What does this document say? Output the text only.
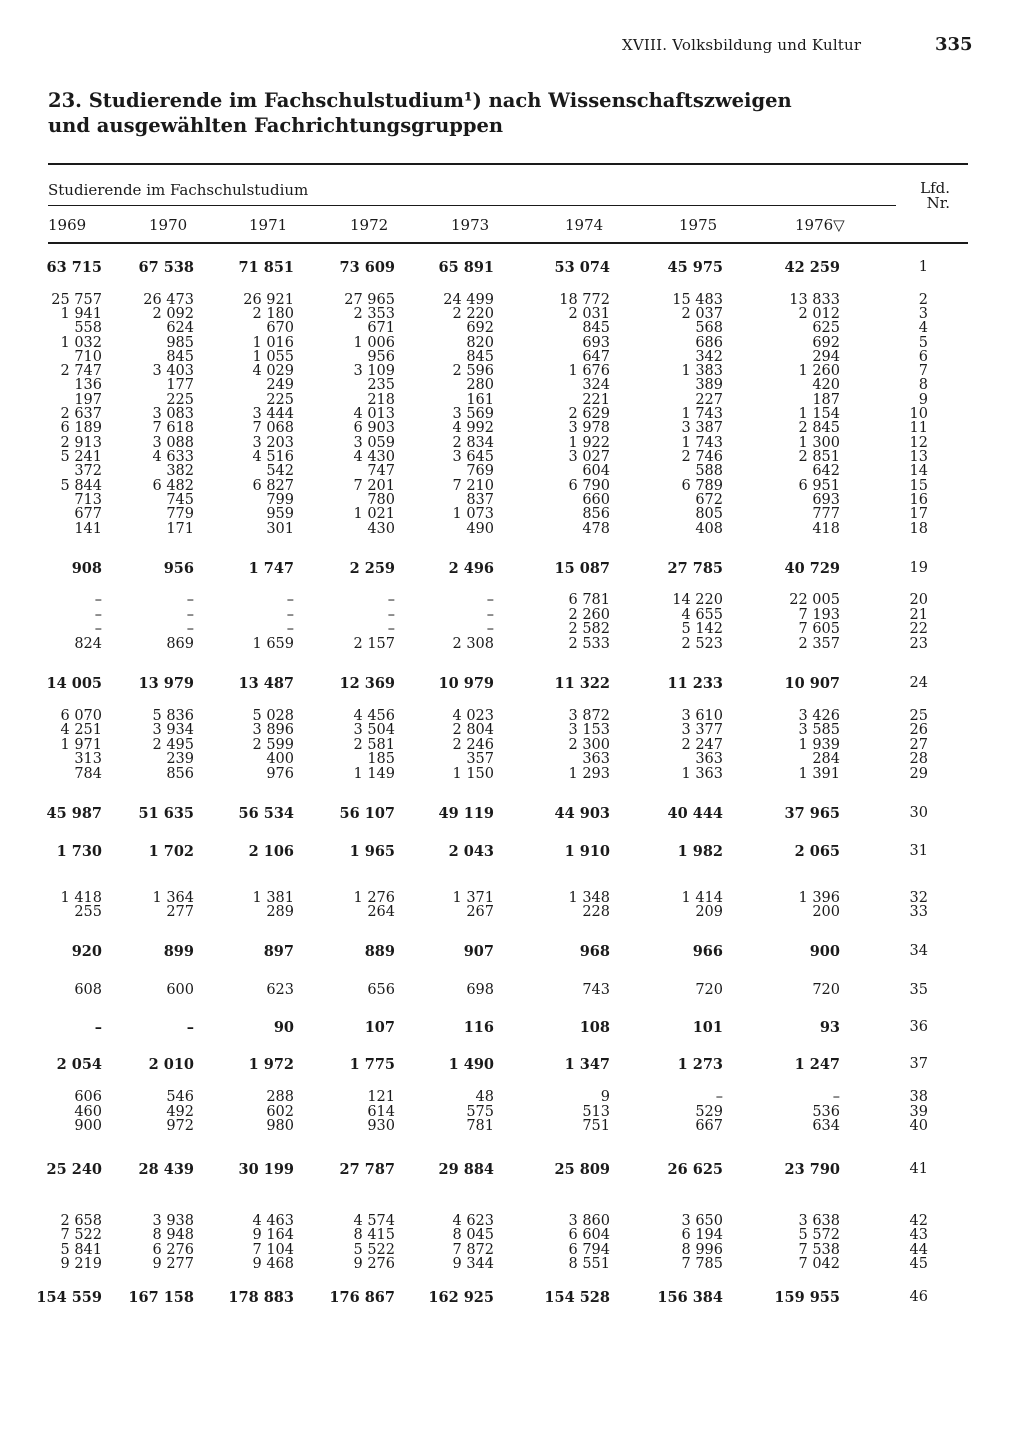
XVIII. Volksbildung und Kultur	335
23. Studierende im Fachschulstudium¹) nach Wissenschaftszweigen
und ausgewählten Fachrichtungsgruppen
Studierende im Fachschulstudium	Lfd.
Nr.
1969	1970	1971	1972	1973	1974	1975	1976▽
63 715	67 538	71 851	73 609	65 891	53 074	45 975	42 259	1
25 757	26 473	26 921	27 965	24 499	18 772	15 483	13 833	2
1 941	2 092	2 180	2 353	2 220	2 031	2 037	2 012	3
558	624	670	671	692	845	568	625	4
1 032	985	1 016	1 006	820	693	686	692	5
710	845	1 055	956	845	647	342	294	6
2 747	3 403	4 029	3 109	2 596	1 676	1 383	1 260	7
136	177	249	235	280	324	389	420	8
197	225	225	218	161	221	227	187	9
2 637	3 083	3 444	4 013	3 569	2 629	1 743	1 154	10
6 189	7 618	7 068	6 903	4 992	3 978	3 387	2 845	11
2 913	3 088	3 203	3 059	2 834	1 922	1 743	1 300	12
5 241	4 633	4 516	4 430	3 645	3 027	2 746	2 851	13
372	382	542	747	769	604	588	642	14
5 844	6 482	6 827	7 201	7 210	6 790	6 789	6 951	15
713	745	799	780	837	660	672	693	16
677	779	959	1 021	1 073	856	805	777	17
141	171	301	430	490	478	408	418	18
908	956	1 747	2 259	2 496	15 087	27 785	40 729	19
–	–	–	–	–	6 781	14 220	22 005	20
–	–	–	–	–	2 260	4 655	7 193	21
–	–	–	–	–	2 582	5 142	7 605	22
824	869	1 659	2 157	2 308	2 533	2 523	2 357	23
14 005	13 979	13 487	12 369	10 979	11 322	11 233	10 907	24
6 070	5 836	5 028	4 456	4 023	3 872	3 610	3 426	25
4 251	3 934	3 896	3 504	2 804	3 153	3 377	3 585	26
1 971	2 495	2 599	2 581	2 246	2 300	2 247	1 939	27
313	239	400	185	357	363	363	284	28
784	856	976	1 149	1 150	1 293	1 363	1 391	29
45 987	51 635	56 534	56 107	49 119	44 903	40 444	37 965	30
1 730	1 702	2 106	1 965	2 043	1 910	1 982	2 065	31
1 418	1 364	1 381	1 276	1 371	1 348	1 414	1 396	32
255	277	289	264	267	228	209	200	33
920	899	897	889	907	968	966	900	34
608	600	623	656	698	743	720	720	35
–	–	90	107	116	108	101	93	36
2 054	2 010	1 972	1 775	1 490	1 347	1 273	1 247	37
606	546	288	121	48	9	–	–	38
460	492	602	614	575	513	529	536	39
900	972	980	930	781	751	667	634	40
25 240	28 439	30 199	27 787	29 884	25 809	26 625	23 790	41
2 658	3 938	4 463	4 574	4 623	3 860	3 650	3 638	42
7 522	8 948	9 164	8 415	8 045	6 604	6 194	5 572	43
5 841	6 276	7 104	5 522	7 872	6 794	8 996	7 538	44
9 219	9 277	9 468	9 276	9 344	8 551	7 785	7 042	45
154 559	167 158	178 883	176 867	162 925	154 528	156 384	159 955	46
